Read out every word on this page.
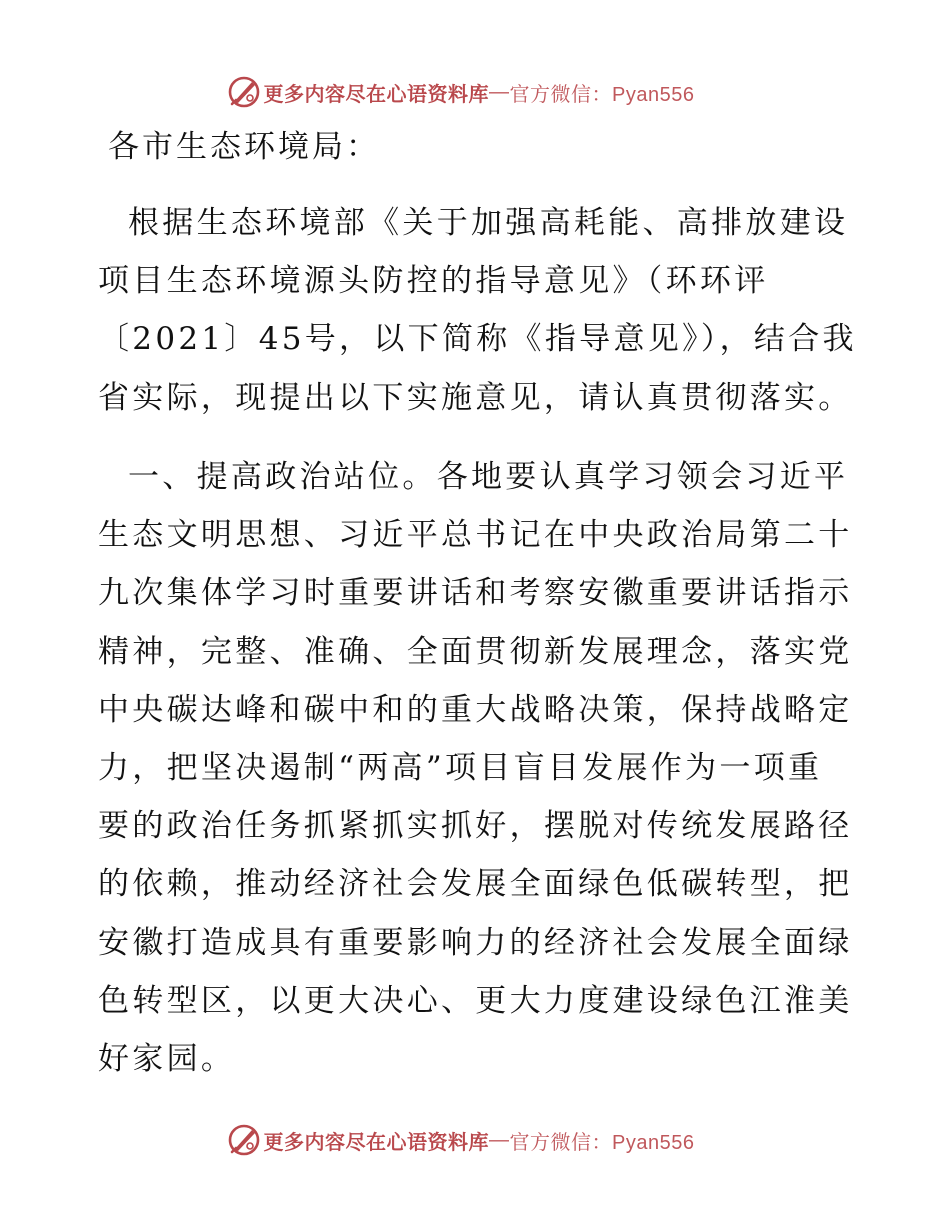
更多内容尽在心语资料库 — 官方微信：Pyan556

各市生态环境局：

根据生态环境部《关于加强高耗能、高排放建设
项目生态环境源头防控的指导意见》（环环评
〔2021〕45号，以下简称《指导意见》），结合我
省实际，现提出以下实施意见，请认真贯彻落实。
一、提高政治站位。各地要认真学习领会习近平
生态文明思想、习近平总书记在中央政治局第二十
九次集体学习时重要讲话和考察安徽重要讲话指示
精神，完整、准确、全面贯彻新发展理念，落实党
中央碳达峰和碳中和的重大战略决策，保持战略定
力，把坚决遏制“两高”项目盲目发展作为一项重
要的政治任务抓紧抓实抓好，摆脱对传统发展路径
的依赖，推动经济社会发展全面绿色低碳转型，把
安徽打造成具有重要影响力的经济社会发展全面绿
色转型区，以更大决心、更大力度建设绿色江淮美
好家园。
更多内容尽在心语资料库 — 官方微信：Pyan556
